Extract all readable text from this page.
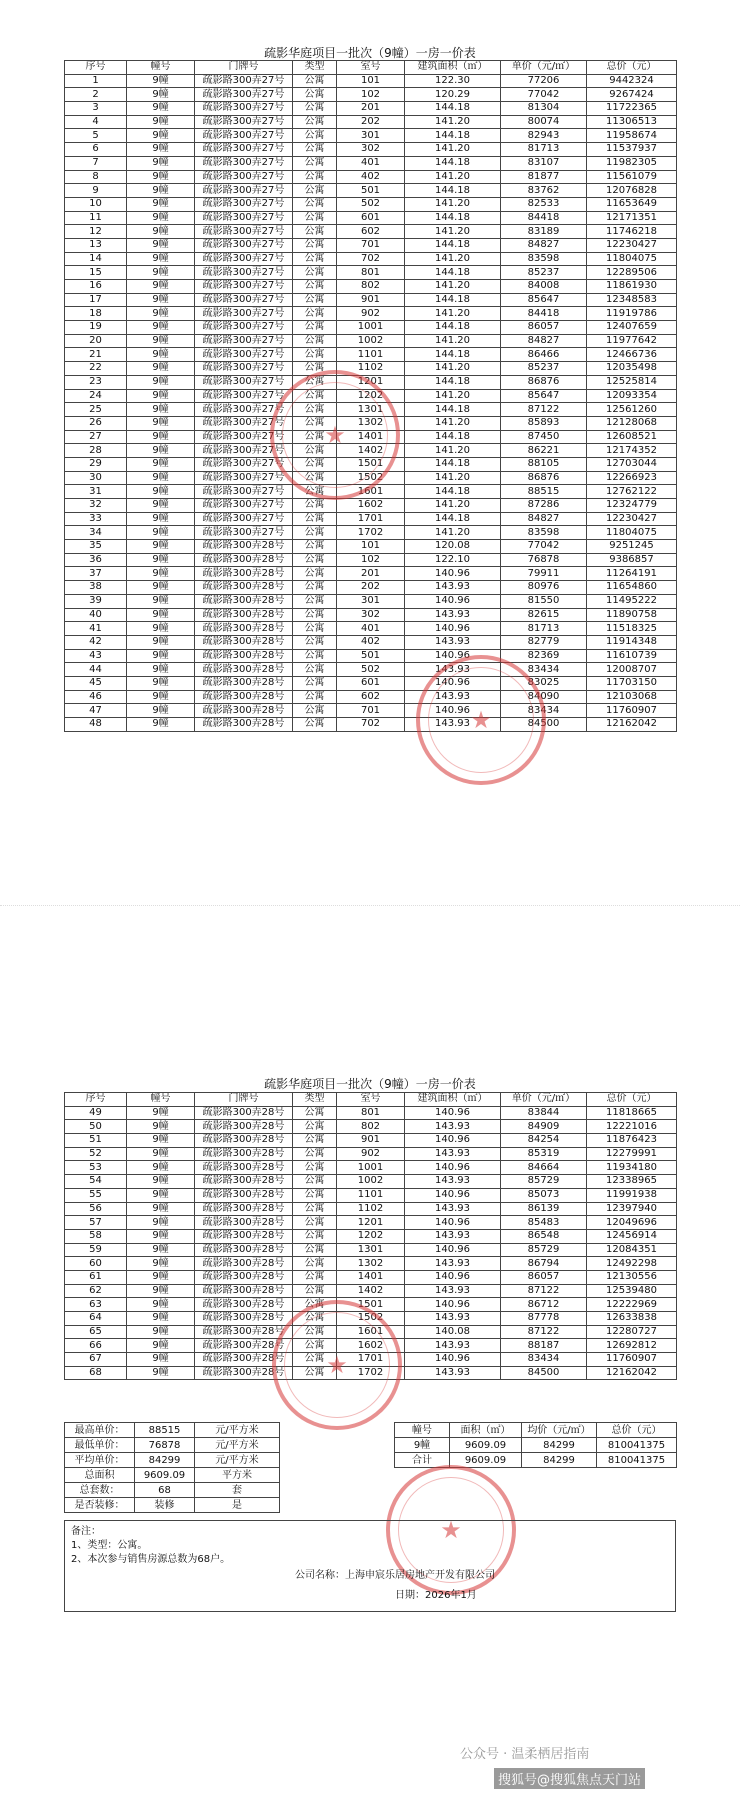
疏影华庭项目一批次（9幢）一房一价表
序号	幢号	门牌号	类型	室号	建筑面积（㎡）	单价（元/㎡）	总价（元）
1	9幢	疏影路300弄27号	公寓	101	122.30	77206	9442324
2	9幢	疏影路300弄27号	公寓	102	120.29	77042	9267424
3	9幢	疏影路300弄27号	公寓	201	144.18	81304	11722365
4	9幢	疏影路300弄27号	公寓	202	141.20	80074	11306513
5	9幢	疏影路300弄27号	公寓	301	144.18	82943	11958674
6	9幢	疏影路300弄27号	公寓	302	141.20	81713	11537937
7	9幢	疏影路300弄27号	公寓	401	144.18	83107	11982305
8	9幢	疏影路300弄27号	公寓	402	141.20	81877	11561079
9	9幢	疏影路300弄27号	公寓	501	144.18	83762	12076828
10	9幢	疏影路300弄27号	公寓	502	141.20	82533	11653649
11	9幢	疏影路300弄27号	公寓	601	144.18	84418	12171351
12	9幢	疏影路300弄27号	公寓	602	141.20	83189	11746218
13	9幢	疏影路300弄27号	公寓	701	144.18	84827	12230427
14	9幢	疏影路300弄27号	公寓	702	141.20	83598	11804075
15	9幢	疏影路300弄27号	公寓	801	144.18	85237	12289506
16	9幢	疏影路300弄27号	公寓	802	141.20	84008	11861930
17	9幢	疏影路300弄27号	公寓	901	144.18	85647	12348583
18	9幢	疏影路300弄27号	公寓	902	141.20	84418	11919786
19	9幢	疏影路300弄27号	公寓	1001	144.18	86057	12407659
20	9幢	疏影路300弄27号	公寓	1002	141.20	84827	11977642
21	9幢	疏影路300弄27号	公寓	1101	144.18	86466	12466736
22	9幢	疏影路300弄27号	公寓	1102	141.20	85237	12035498
23	9幢	疏影路300弄27号	公寓	1201	144.18	86876	12525814
24	9幢	疏影路300弄27号	公寓	1202	141.20	85647	12093354
25	9幢	疏影路300弄27号	公寓	1301	144.18	87122	12561260
26	9幢	疏影路300弄27号	公寓	1302	141.20	85893	12128068
27	9幢	疏影路300弄27号	公寓	1401	144.18	87450	12608521
28	9幢	疏影路300弄27号	公寓	1402	141.20	86221	12174352
29	9幢	疏影路300弄27号	公寓	1501	144.18	88105	12703044
30	9幢	疏影路300弄27号	公寓	1502	141.20	86876	12266923
31	9幢	疏影路300弄27号	公寓	1601	144.18	88515	12762122
32	9幢	疏影路300弄27号	公寓	1602	141.20	87286	12324779
33	9幢	疏影路300弄27号	公寓	1701	144.18	84827	12230427
34	9幢	疏影路300弄27号	公寓	1702	141.20	83598	11804075
35	9幢	疏影路300弄28号	公寓	101	120.08	77042	9251245
36	9幢	疏影路300弄28号	公寓	102	122.10	76878	9386857
37	9幢	疏影路300弄28号	公寓	201	140.96	79911	11264191
38	9幢	疏影路300弄28号	公寓	202	143.93	80976	11654860
39	9幢	疏影路300弄28号	公寓	301	140.96	81550	11495222
40	9幢	疏影路300弄28号	公寓	302	143.93	82615	11890758
41	9幢	疏影路300弄28号	公寓	401	140.96	81713	11518325
42	9幢	疏影路300弄28号	公寓	402	143.93	82779	11914348
43	9幢	疏影路300弄28号	公寓	501	140.96	82369	11610739
44	9幢	疏影路300弄28号	公寓	502	143.93	83434	12008707
45	9幢	疏影路300弄28号	公寓	601	140.96	83025	11703150
46	9幢	疏影路300弄28号	公寓	602	143.93	84090	12103068
47	9幢	疏影路300弄28号	公寓	701	140.96	83434	11760907
48	9幢	疏影路300弄28号	公寓	702	143.93	84500	12162042
★
★
疏影华庭项目一批次（9幢）一房一价表
序号	幢号	门牌号	类型	室号	建筑面积（㎡）	单价（元/㎡）	总价（元）
49	9幢	疏影路300弄28号	公寓	801	140.96	83844	11818665
50	9幢	疏影路300弄28号	公寓	802	143.93	84909	12221016
51	9幢	疏影路300弄28号	公寓	901	140.96	84254	11876423
52	9幢	疏影路300弄28号	公寓	902	143.93	85319	12279991
53	9幢	疏影路300弄28号	公寓	1001	140.96	84664	11934180
54	9幢	疏影路300弄28号	公寓	1002	143.93	85729	12338965
55	9幢	疏影路300弄28号	公寓	1101	140.96	85073	11991938
56	9幢	疏影路300弄28号	公寓	1102	143.93	86139	12397940
57	9幢	疏影路300弄28号	公寓	1201	140.96	85483	12049696
58	9幢	疏影路300弄28号	公寓	1202	143.93	86548	12456914
59	9幢	疏影路300弄28号	公寓	1301	140.96	85729	12084351
60	9幢	疏影路300弄28号	公寓	1302	143.93	86794	12492298
61	9幢	疏影路300弄28号	公寓	1401	140.96	86057	12130556
62	9幢	疏影路300弄28号	公寓	1402	143.93	87122	12539480
63	9幢	疏影路300弄28号	公寓	1501	140.96	86712	12222969
64	9幢	疏影路300弄28号	公寓	1502	143.93	87778	12633838
65	9幢	疏影路300弄28号	公寓	1601	140.08	87122	12280727
66	9幢	疏影路300弄28号	公寓	1602	143.93	88187	12692812
67	9幢	疏影路300弄28号	公寓	1701	140.96	83434	11760907
68	9幢	疏影路300弄28号	公寓	1702	143.93	84500	12162042
最高单价：	88515	元/平方米
最低单价：	76878	元/平方米
平均单价：	84299	元/平方米
总面积	9609.09	平方米
总套数：	68	套
是否装修：	装修	是
幢号	面积（㎡）	均价（元/㎡）	总价（元）
9幢	9609.09	84299	810041375
合计	9609.09	84299	810041375
★
★
备注：
1、类型：公寓。
2、本次参与销售房源总数为68户。
公司名称：上海申宸乐居房地产开发有限公司
日期：2026年1月
公众号 · 温柔栖居指南
搜狐号@搜狐焦点天门站
